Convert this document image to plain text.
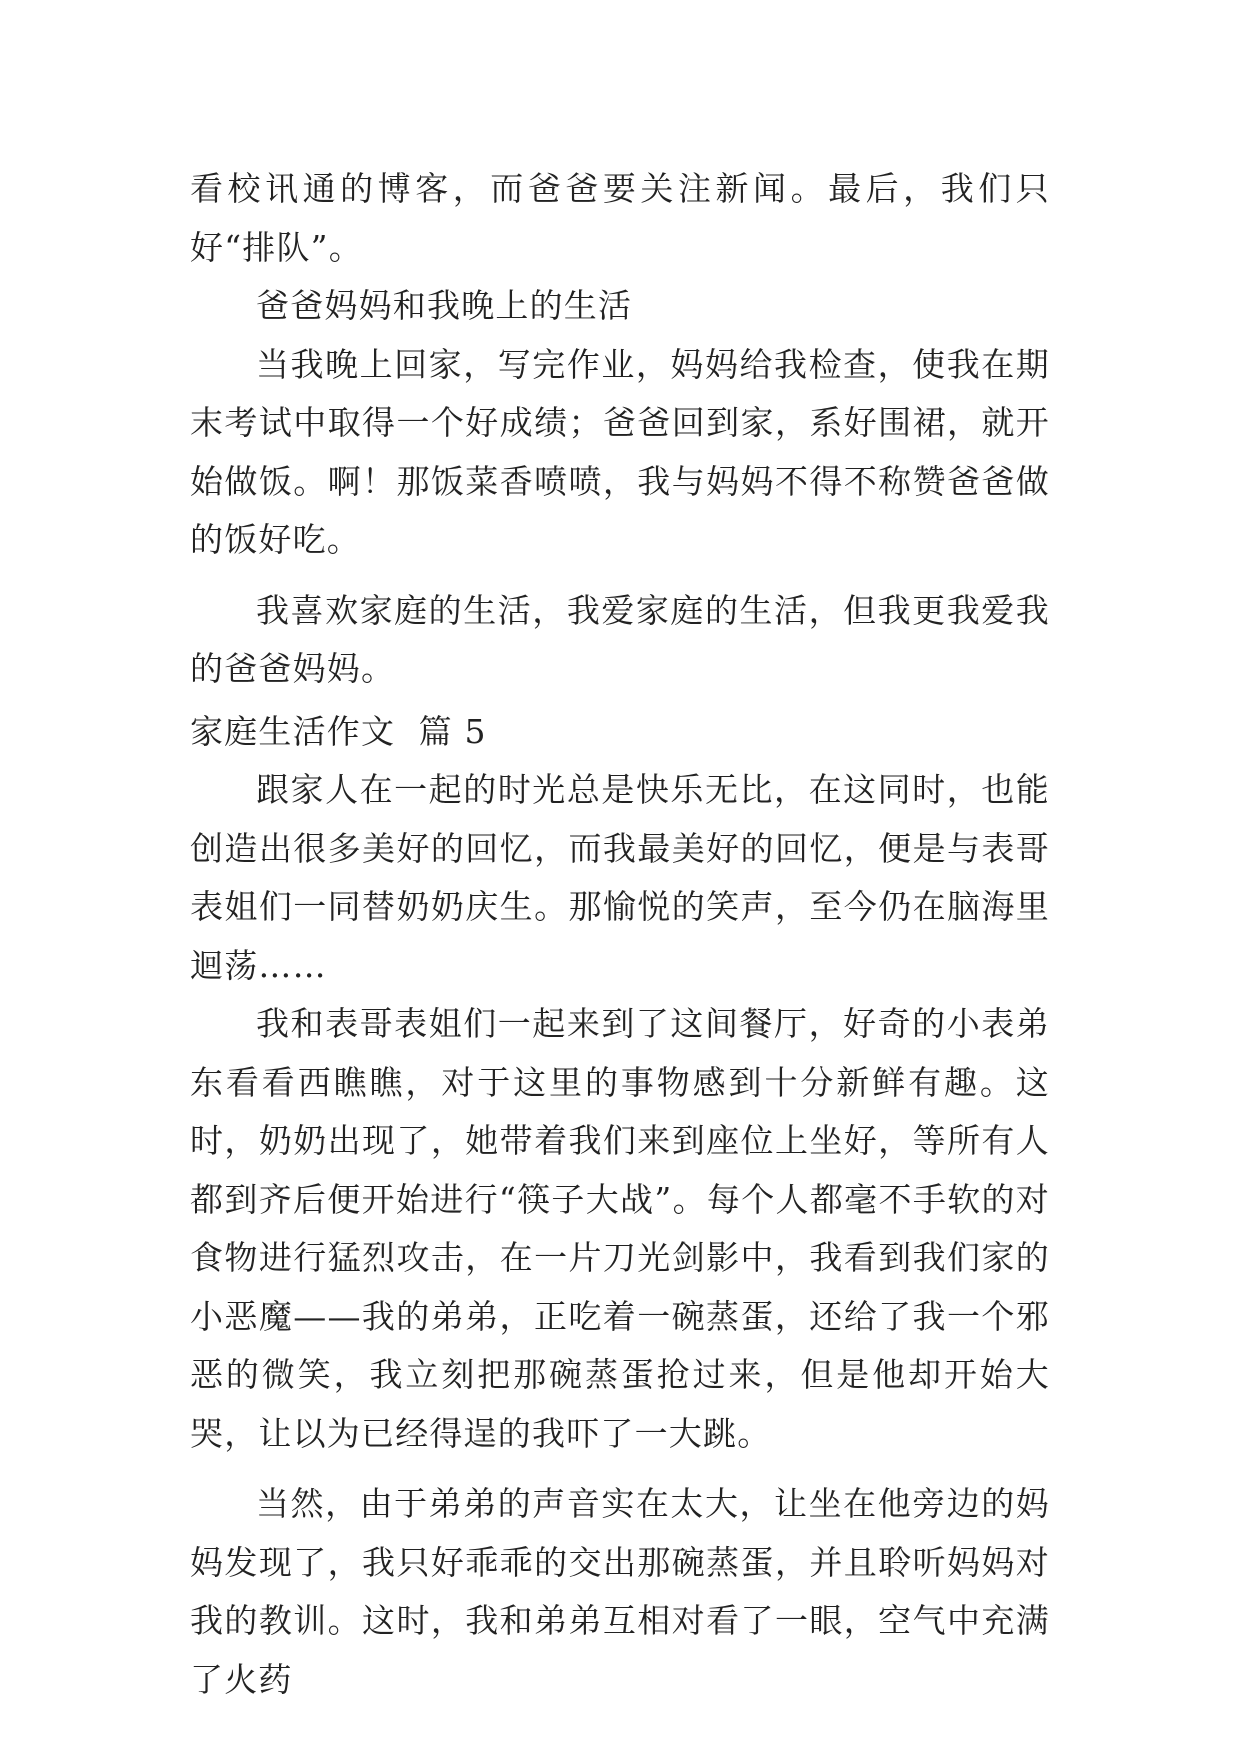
看校讯通的博客，而爸爸要关注新闻。最后，我们只好“排队”。

爸爸妈妈和我晚上的生活

当我晚上回家，写完作业，妈妈给我检查，使我在期末考试中取得一个好成绩；爸爸回到家，系好围裙，就开始做饭。啊！那饭菜香喷喷，我与妈妈不得不称赞爸爸做的饭好吃。

我喜欢家庭的生活，我爱家庭的生活，但我更我爱我的爸爸妈妈。

家庭生活作文  篇 5

跟家人在一起的时光总是快乐无比，在这同时，也能创造出很多美好的回忆，而我最美好的回忆，便是与表哥表姐们一同替奶奶庆生。那愉悦的笑声，至今仍在脑海里迴荡……

我和表哥表姐们一起来到了这间餐厅，好奇的小表弟东看看西瞧瞧，对于这里的事物感到十分新鲜有趣。这时，奶奶出现了，她带着我们来到座位上坐好，等所有人都到齐后便开始进行“筷子大战”。每个人都毫不手软的对食物进行猛烈攻击，在一片刀光剑影中，我看到我们家的小恶魔——我的弟弟，正吃着一碗蒸蛋，还给了我一个邪恶的微笑，我立刻把那碗蒸蛋抢过来，但是他却开始大哭，让以为已经得逞的我吓了一大跳。

当然，由于弟弟的声音实在太大，让坐在他旁边的妈妈发现了，我只好乖乖的交出那碗蒸蛋，并且聆听妈妈对我的教训。这时，我和弟弟互相对看了一眼，空气中充满了火药
